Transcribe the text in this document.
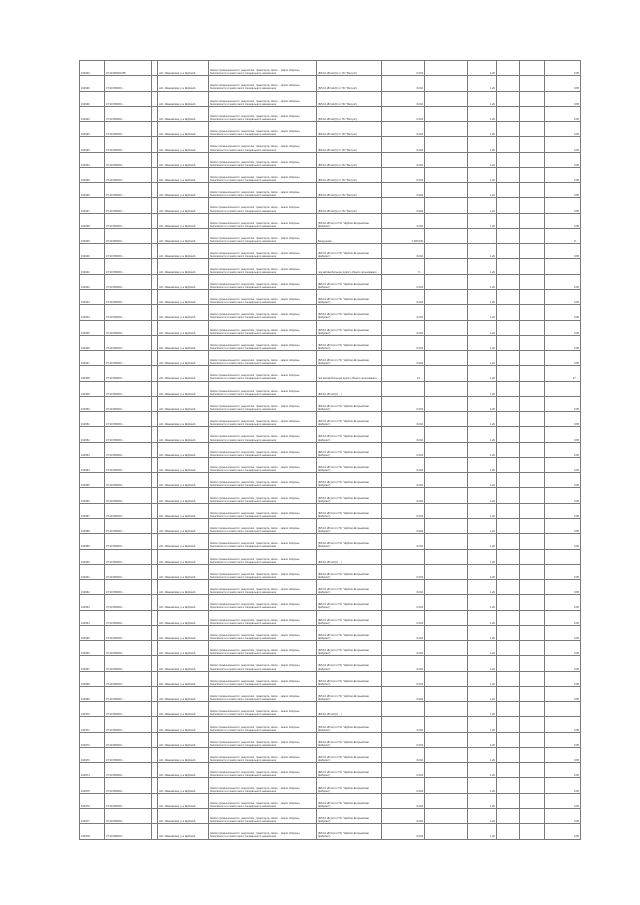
104930	37:20:050601:88		обл. Ивановская, р-н Шуйский	Земли промышленности, энергетики, транспорта, связи… земли обороны, безопасности и земли иного специального назначения	(ВЛ-10 кВ №1(6) от ПС "Вичуга")	0,004		1,20			0,05
104930	37:20:050601:…		обл. Ивановская, р-н Шуйский	Земли промышленности, энергетики, транспорта, связи… земли обороны, безопасности и земли иного специального назначения	(ВЛ-10 кВ №1(6) от ПС "Вичуга")	0,004		1,20			0,05
104930	37:20:050601:…		обл. Ивановская, р-н Шуйский	Земли промышленности, энергетики, транспорта, связи… земли обороны, безопасности и земли иного специального назначения	(ВЛ-10 кВ №1(6) от ПС "Вичуга")	0,004		1,20			0,05
104930	37:20:050601:…		обл. Ивановская, р-н Шуйский	Земли промышленности, энергетики, транспорта, связи… земли обороны, безопасности и земли иного специального назначения	(ВЛ-10 кВ №1(6) от ПС "Вичуга")	0,004		1,20			0,05
104930	37:20:050601:…		обл. Ивановская, р-н Шуйский	Земли промышленности, энергетики, транспорта, связи… земли обороны, безопасности и земли иного специального назначения	(ВЛ-10 кВ №1(6) от ПС "Вичуга")	0,004		1,20			0,05
104930	37:20:050601:…		обл. Ивановская, р-н Шуйский	Земли промышленности, энергетики, транспорта, связи… земли обороны, безопасности и земли иного специального назначения	(ВЛ-10 кВ №1(6) от ПС "Вичуга")	0,004		1,20			0,05
104934	37:20:050601:…		обл. Ивановская, р-н Шуйский	Земли промышленности, энергетики, транспорта, связи… земли обороны, безопасности и земли иного специального назначения	(ВЛ-10 кВ №1(6) от ПС "Вичуга")	0,004		1,20			0,05
104935	37:20:050601:…		обл. Ивановская, р-н Шуйский	Земли промышленности, энергетики, транспорта, связи… земли обороны, безопасности и земли иного специального назначения	(ВЛ-10 кВ №1(6) от ПС "Вичуга")	0,004		1,20			0,05
104936	37:20:050601:…		обл. Ивановская, р-н Шуйский	Земли промышленности, энергетики, транспорта, связи… земли обороны, безопасности и земли иного специального назначения	(ВЛ-10 кВ №1(6) от ПС "Вичуга")	0,004		1,20			0,05
104937	37:20:050601:…		обл. Ивановская, р-н Шуйский	Земли промышленности, энергетики, транспорта, связи… земли обороны, безопасности и земли иного специального назначения	(ВЛ-10 кВ №1(6) от ПС "Вичуга")	0,004		1,20			0,05
104938	37:20:050601:…		обл. Ивановская, р-н Шуйский	Земли промышленности, энергетики, транспорта, связи… земли обороны, безопасности и земли иного специального назначения	(ВЛ-10 кВ №4 от ПС "Шуйско-Егорьевская фабрика")	0,004		1,20			0,05
104939	37:20:050601:…		обл. Ивановская, р-н Шуйский	Земли промышленности, энергетики, транспорта, связи… земли обороны, безопасности и земли иного специального назначения	Воздушная…	7 445,000		…			8 …
104940	37:20:050601:…		обл. Ивановская, р-н Шуйский	Земли промышленности, энергетики, транспорта, связи… земли обороны, безопасности и земли иного специального назначения	(ВЛ-10 кВ №4 от ПС "Шуйско-Егорьевская фабрика")	0,004		1,20			0,05
104941	37:20:050601:…		обл. Ивановская, р-н Шуйский	Земли промышленности, энергетики, транспорта, связи… земли обороны, безопасности и земли иного специального назначения	под автомобильную дорогу общего пользования	5 …		1,20			…
104942	37:20:050601:…		обл. Ивановская, р-н Шуйский	Земли промышленности, энергетики, транспорта, связи… земли обороны, безопасности и земли иного специального назначения	(ВЛ-10 кВ №4 от ПС "Шуйско-Егорьевская фабрика")	0,004		1,20			0,05
104943	37:20:050601:…		обл. Ивановская, р-н Шуйский	Земли промышленности, энергетики, транспорта, связи… земли обороны, безопасности и земли иного специального назначения	(ВЛ-10 кВ №4 от ПС "Шуйско-Егорьевская фабрика")	0,004		1,20			0,05
104944	37:20:050601:…		обл. Ивановская, р-н Шуйский	Земли промышленности, энергетики, транспорта, связи… земли обороны, безопасности и земли иного специального назначения	(ВЛ-10 кВ №4 от ПС "Шуйско-Егорьевская фабрика")	0,004		1,20			0,05
104945	37:20:050601:…		обл. Ивановская, р-н Шуйский	Земли промышленности, энергетики, транспорта, связи… земли обороны, безопасности и земли иного специального назначения	(ВЛ-10 кВ №4 от ПС "Шуйско-Егорьевская фабрика")	0,004		1,20			0,05
104946	37:20:050601:…		обл. Ивановская, р-н Шуйский	Земли промышленности, энергетики, транспорта, связи… земли обороны, безопасности и земли иного специального назначения	(ВЛ-10 кВ №4 от ПС "Шуйско-Егорьевская фабрика")	0,004		1,20			0,05
104947	37:20:050601:…		обл. Ивановская, р-н Шуйский	Земли промышленности, энергетики, транспорта, связи… земли обороны, безопасности и земли иного специального назначения	(ВЛ-10 кВ №4 от ПС "Шуйско-Егорьевская фабрика")	0,004		1,20			0,05
104948	37:20:050601:…		обл. Ивановская, р-н Шуйский	Земли промышленности, энергетики, транспорта, связи… земли обороны, безопасности и земли иного специального назначения	под автомобильную дорогу общего пользования	14 …		1,20			17 …
104949	37:20:050601:…		обл. Ивановская, р-н Шуйский	Земли промышленности, энергетики, транспорта, связи… земли обороны, безопасности и земли иного специального назначения	(ВЛ-10 кВ №1(6) …)	…		1,20			…
104950	37:20:050601:…		обл. Ивановская, р-н Шуйский	Земли промышленности, энергетики, транспорта, связи… земли обороны, безопасности и земли иного специального назначения	(ВЛ-10 кВ №4 от ПС "Шуйско-Егорьевская фабрика")	0,004		1,20			0,05
104951	37:20:050601:…		обл. Ивановская, р-н Шуйский	Земли промышленности, энергетики, транспорта, связи… земли обороны, безопасности и земли иного специального назначения	(ВЛ-10 кВ №4 от ПС "Шуйско-Егорьевская фабрика")	0,004		1,20			0,05
104952	37:20:050601:…		обл. Ивановская, р-н Шуйский	Земли промышленности, энергетики, транспорта, связи… земли обороны, безопасности и земли иного специального назначения	(ВЛ-10 кВ №4 от ПС "Шуйско-Егорьевская фабрика")	0,004		1,20			0,05
104953	37:20:050601:…		обл. Ивановская, р-н Шуйский	Земли промышленности, энергетики, транспорта, связи… земли обороны, безопасности и земли иного специального назначения	(ВЛ-10 кВ №4 от ПС "Шуйско-Егорьевская фабрика")	0,004		1,20			0,05
104954	37:20:050601:…		обл. Ивановская, р-н Шуйский	Земли промышленности, энергетики, транспорта, связи… земли обороны, безопасности и земли иного специального назначения	(ВЛ-10 кВ №4 от ПС "Шуйско-Егорьевская фабрика")	0,004		1,20			0,05
104955	37:20:050601:…		обл. Ивановская, р-н Шуйский	Земли промышленности, энергетики, транспорта, связи… земли обороны, безопасности и земли иного специального назначения	(ВЛ-10 кВ №4 от ПС "Шуйско-Егорьевская фабрика")	0,004		1,20			0,05
104956	37:20:050601:…		обл. Ивановская, р-н Шуйский	Земли промышленности, энергетики, транспорта, связи… земли обороны, безопасности и земли иного специального назначения	(ВЛ-10 кВ №4 от ПС "Шуйско-Егорьевская фабрика")	0,004		1,20			0,05
104957	37:20:050601:…		обл. Ивановская, р-н Шуйский	Земли промышленности, энергетики, транспорта, связи… земли обороны, безопасности и земли иного специального назначения	(ВЛ-10 кВ №4 от ПС "Шуйско-Егорьевская фабрика")	0,004		1,20			0,05
104958	37:20:050601:…		обл. Ивановская, р-н Шуйский	Земли промышленности, энергетики, транспорта, связи… земли обороны, безопасности и земли иного специального назначения	(ВЛ-10 кВ №4 от ПС "Шуйско-Егорьевская фабрика")	0,004		1,20			0,05
104959	37:20:050601:…		обл. Ивановская, р-н Шуйский	Земли промышленности, энергетики, транспорта, связи… земли обороны, безопасности и земли иного специального назначения	(ВЛ-10 кВ №4 от ПС "Шуйско-Егорьевская фабрика")	0,004		1,20			0,05
104960	37:20:050601:…		обл. Ивановская, р-н Шуйский	Земли промышленности, энергетики, транспорта, связи… земли обороны, безопасности и земли иного специального назначения	(ВЛ-10 кВ №1(6) …)	…		1,20			…
104961	37:20:050601:…		обл. Ивановская, р-н Шуйский	Земли промышленности, энергетики, транспорта, связи… земли обороны, безопасности и земли иного специального назначения	(ВЛ-10 кВ №4 от ПС "Шуйско-Егорьевская фабрика")	0,004		1,20			0,05
104962	37:20:050601:…		обл. Ивановская, р-н Шуйский	Земли промышленности, энергетики, транспорта, связи… земли обороны, безопасности и земли иного специального назначения	(ВЛ-10 кВ №4 от ПС "Шуйско-Егорьевская фабрика")	0,004		1,20			0,05
104963	37:20:050601:…		обл. Ивановская, р-н Шуйский	Земли промышленности, энергетики, транспорта, связи… земли обороны, безопасности и земли иного специального назначения	(ВЛ-10 кВ №4 от ПС "Шуйско-Егорьевская фабрика")	0,004		1,20			0,05
104964	37:20:050601:…		обл. Ивановская, р-н Шуйский	Земли промышленности, энергетики, транспорта, связи… земли обороны, безопасности и земли иного специального назначения	(ВЛ-10 кВ №4 от ПС "Шуйско-Егорьевская фабрика")	0,004		1,20			0,05
104965	37:20:050601:…		обл. Ивановская, р-н Шуйский	Земли промышленности, энергетики, транспорта, связи… земли обороны, безопасности и земли иного специального назначения	(ВЛ-10 кВ №4 от ПС "Шуйско-Егорьевская фабрика")	0,004		1,20			0,05
104966	37:20:050601:…		обл. Ивановская, р-н Шуйский	Земли промышленности, энергетики, транспорта, связи… земли обороны, безопасности и земли иного специального назначения	(ВЛ-10 кВ №4 от ПС "Шуйско-Егорьевская фабрика")	0,004		1,20			0,05
104967	37:20:050601:…		обл. Ивановская, р-н Шуйский	Земли промышленности, энергетики, транспорта, связи… земли обороны, безопасности и земли иного специального назначения	(ВЛ-10 кВ №4 от ПС "Шуйско-Егорьевская фабрика")	0,004		1,20			0,05
104968	37:20:050601:…		обл. Ивановская, р-н Шуйский	Земли промышленности, энергетики, транспорта, связи… земли обороны, безопасности и земли иного специального назначения	(ВЛ-10 кВ №4 от ПС "Шуйско-Егорьевская фабрика")	0,004		1,20			0,05
104969	37:20:050601:…		обл. Ивановская, р-н Шуйский	Земли промышленности, энергетики, транспорта, связи… земли обороны, безопасности и земли иного специального назначения	(ВЛ-10 кВ №4 от ПС "Шуйско-Егорьевская фабрика")	0,004		1,20			0,05
104970	37:20:050601:…		обл. Ивановская, р-н Шуйский	Земли промышленности, энергетики, транспорта, связи… земли обороны, безопасности и земли иного специального назначения	(ВЛ-10 кВ №1(6) …)	…		1,20			…
104971	37:20:050601:…		обл. Ивановская, р-н Шуйский	Земли промышленности, энергетики, транспорта, связи… земли обороны, безопасности и земли иного специального назначения	(ВЛ-10 кВ №4 от ПС "Шуйско-Егорьевская фабрика")	0,004		1,20			0,05
104972	37:20:050601:…		обл. Ивановская, р-н Шуйский	Земли промышленности, энергетики, транспорта, связи… земли обороны, безопасности и земли иного специального назначения	(ВЛ-10 кВ №4 от ПС "Шуйско-Егорьевская фабрика")	0,004		1,20			0,05
104973	37:20:050601:…		обл. Ивановская, р-н Шуйский	Земли промышленности, энергетики, транспорта, связи… земли обороны, безопасности и земли иного специального назначения	(ВЛ-10 кВ №4 от ПС "Шуйско-Егорьевская фабрика")	0,004		1,20			0,05
104974	37:20:050601:…		обл. Ивановская, р-н Шуйский	Земли промышленности, энергетики, транспорта, связи… земли обороны, безопасности и земли иного специального назначения	(ВЛ-10 кВ №4 от ПС "Шуйско-Егорьевская фабрика")	0,004		1,20			0,05
104975	37:20:050601:…		обл. Ивановская, р-н Шуйский	Земли промышленности, энергетики, транспорта, связи… земли обороны, безопасности и земли иного специального назначения	(ВЛ-10 кВ №4 от ПС "Шуйско-Егорьевская фабрика")	0,004		1,20			0,05
104976	37:20:050601:…		обл. Ивановская, р-н Шуйский	Земли промышленности, энергетики, транспорта, связи… земли обороны, безопасности и земли иного специального назначения	(ВЛ-10 кВ №4 от ПС "Шуйско-Егорьевская фабрика")	0,004		1,20			0,05
104977	37:20:050601:…		обл. Ивановская, р-н Шуйский	Земли промышленности, энергетики, транспорта, связи… земли обороны, безопасности и земли иного специального назначения	(ВЛ-10 кВ №4 от ПС "Шуйско-Егорьевская фабрика")	0,004		1,20			0,05
104978	37:20:050601:…		обл. Ивановская, р-н Шуйский	Земли промышленности, энергетики, транспорта, связи… земли обороны, безопасности и земли иного специального назначения	(ВЛ-10 кВ №4 от ПС "Шуйско-Егорьевская фабрика")	0,004		1,20			0,05
